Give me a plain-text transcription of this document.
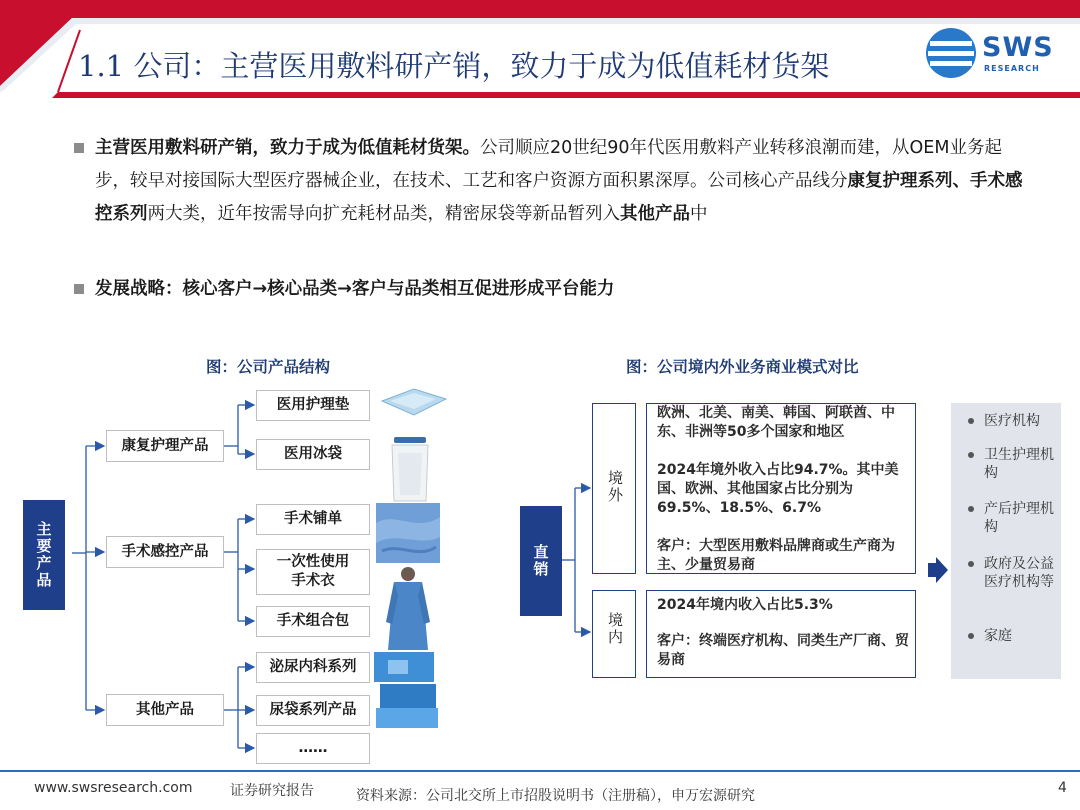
1.1 公司：主营医用敷料研产销，致力于成为低值耗材货架
SWS
RESEARCH
主营医用敷料研产销，致力于成为低值耗材货架。公司顺应20世纪90年代医用敷料产业转移浪潮而建，从OEM业务起步，较早对接国际大型医疗器械企业，在技术、工艺和客户资源方面积累深厚。公司核心产品线分康复护理系列、手术感控系列两大类，近年按需导向扩充耗材品类，精密尿袋等新品暂列入其他产品中
发展战略：核心客户→核心品类→客户与品类相互促进形成平台能力
图：公司产品结构
主要产品
康复护理产品
手术感控产品
其他产品
医用护理垫
医用冰袋
手术铺单
一次性使用手术衣
手术组合包
泌尿内科系列
尿袋系列产品
……
图：公司境内外业务商业模式对比
直销
境外
欧洲、北美、南美、韩国、阿联酋、中东、非洲等50多个国家和地区
2024年境外收入占比94.7%。其中美国、欧洲、其他国家占比分别为69.5%、18.5%、6.7%
客户：大型医用敷料品牌商或生产商为主、少量贸易商
境内
2024年境内收入占比5.3%
客户：终端医疗机构、同类生产厂商、贸易商
医疗机构
卫生护理机构
产后护理机构
政府及公益医疗机构等
家庭
www.swsresearch.com	证券研究报告	资料来源：公司北交所上市招股说明书（注册稿），申万宏源研究	4
